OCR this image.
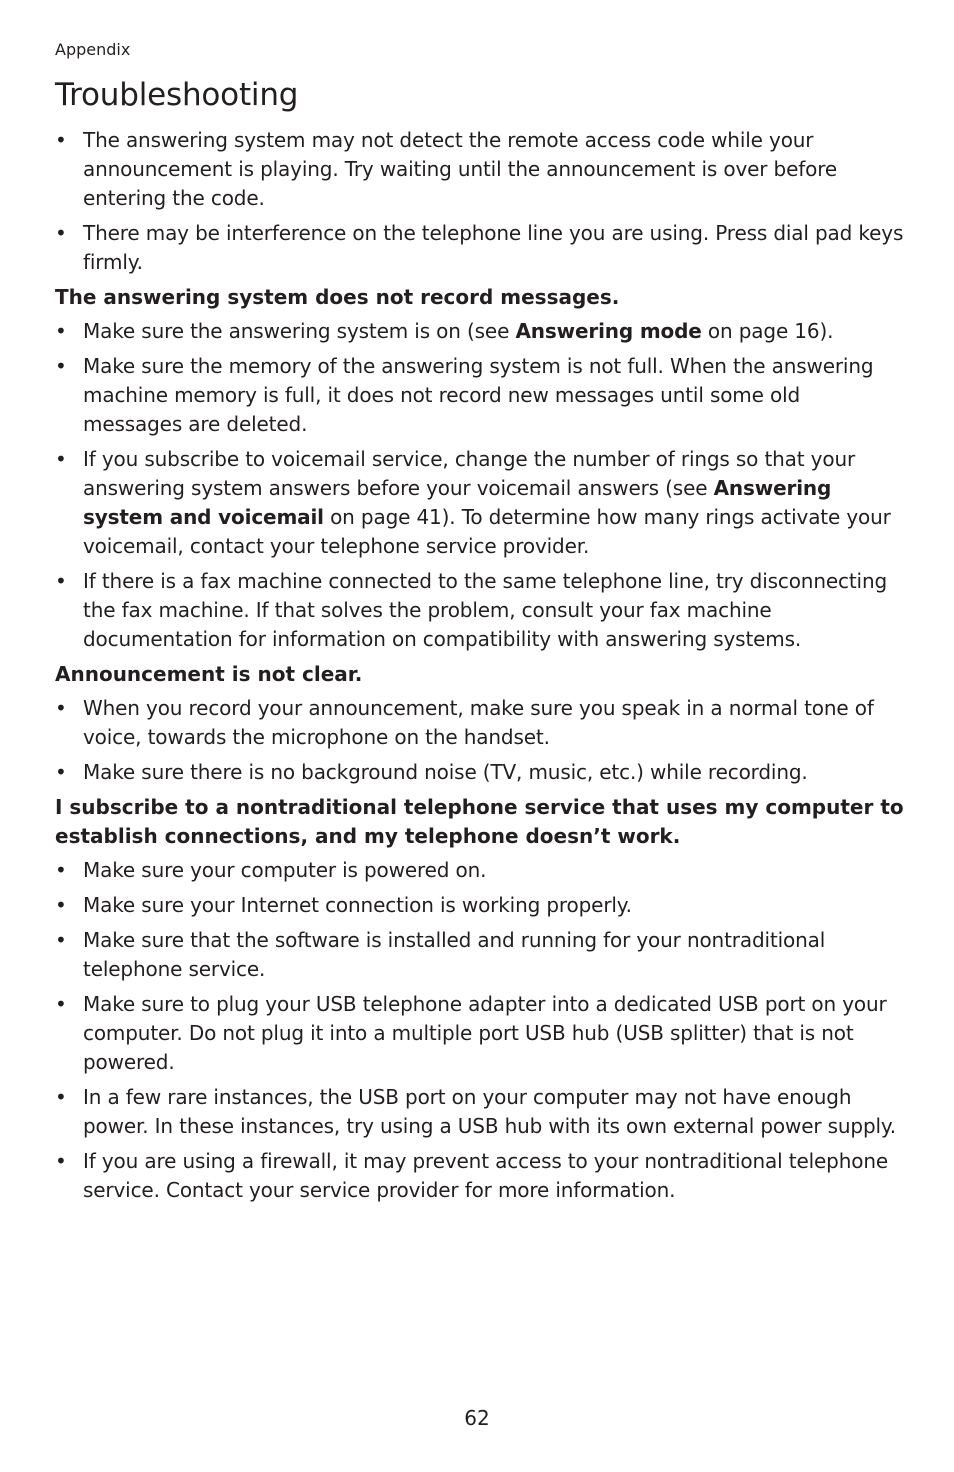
Appendix

Troubleshooting
• The answering system may not detect the remote access code while your announcement is playing. Try waiting until the announcement is over before entering the code.
• There may be interference on the telephone line you are using. Press dial pad keys firmly.

The answering system does not record messages.

• Make sure the answering system is on (see Answering mode on page 16).
• Make sure the memory of the answering system is not full. When the answering machine memory is full, it does not record new messages until some old messages are deleted.
• If you subscribe to voicemail service, change the number of rings so that your answering system answers before your voicemail answers (see Answering system and voicemail on page 41). To determine how many rings activate your voicemail, contact your telephone service provider.
• If there is a fax machine connected to the same telephone line, try disconnecting the fax machine. If that solves the problem, consult your fax machine documentation for information on compatibility with answering systems.

Announcement is not clear.

• When you record your announcement, make sure you speak in a normal tone of voice, towards the microphone on the handset.
• Make sure there is no background noise (TV, music, etc.) while recording.

I subscribe to a nontraditional telephone service that uses my computer to establish connections, and my telephone doesn’t work.

• Make sure your computer is powered on.
• Make sure your Internet connection is working properly.
• Make sure that the software is installed and running for your nontraditional telephone service.
• Make sure to plug your USB telephone adapter into a dedicated USB port on your computer. Do not plug it into a multiple port USB hub (USB splitter) that is not powered.
• In a few rare instances, the USB port on your computer may not have enough power. In these instances, try using a USB hub with its own external power supply.
• If you are using a firewall, it may prevent access to your nontraditional telephone service. Contact your service provider for more information.
62
